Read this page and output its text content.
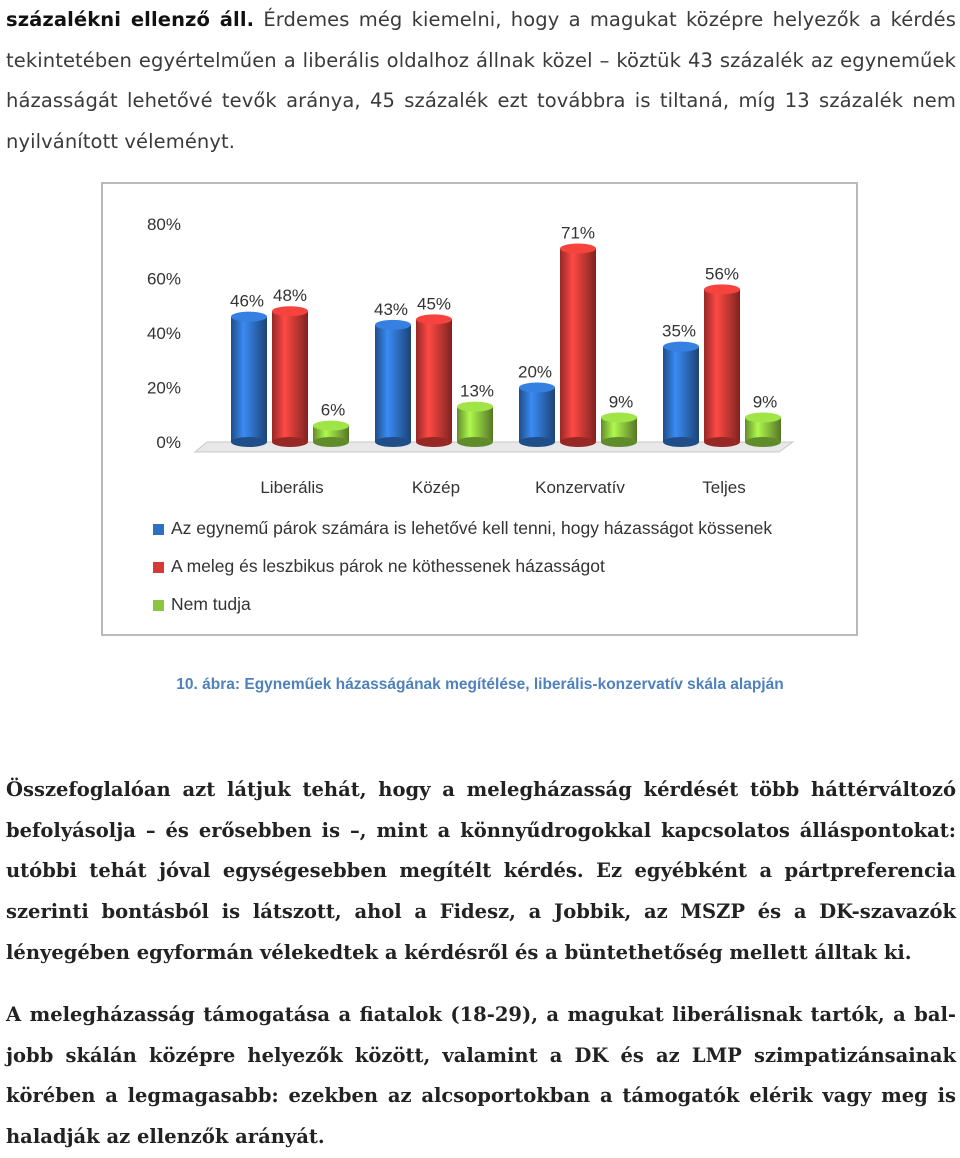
százalékni ellenző áll. Érdemes még kiemelni, hogy a magukat középre helyezők a kérdés tekintetében egyértelműen a liberális oldalhoz állnak közel – köztük 43 százalék az egyneműek házasságát lehetővé tevők aránya, 45 százalék ezt továbbra is tiltaná, míg 13 százalék nem nyilvánított véleményt.
0%
20%
40%
60%
80%
46% 48%
6%
Liberális
43% 45%
13%
Közép
20%
71%
9%
Konzervatív
35%
56%
9%
Teljes
Az egynemű párok számára is lehetővé kell tenni, hogy házasságot kössenek
A meleg és leszbikus párok ne köthessenek házasságot
Nem tudja
10. ábra: Egyneműek házasságának megítélése, liberális-konzervatív skála alapján

Összefoglalóan azt látjuk tehát, hogy a melegházasság kérdését több háttérváltozó befolyásolja – és erősebben is –, mint a könnyűdrogokkal kapcsolatos álláspontokat: utóbbi tehát jóval egységesebben megítélt kérdés. Ez egyébként a pártpreferencia szerinti bontásból is látszott, ahol a Fidesz, a Jobbik, az MSZP és a DK-szavazók lényegében egyformán vélekedtek a kérdésről és a büntethetőség mellett álltak ki.

A melegházasság támogatása a fiatalok (18-29), a magukat liberálisnak tartók, a bal-jobb skálán középre helyezők között, valamint a DK és az LMP szimpatizánsainak körében a legmagasabb: ezekben az alcsoportokban a támogatók elérik vagy meg is haladják az ellenzők arányát.
